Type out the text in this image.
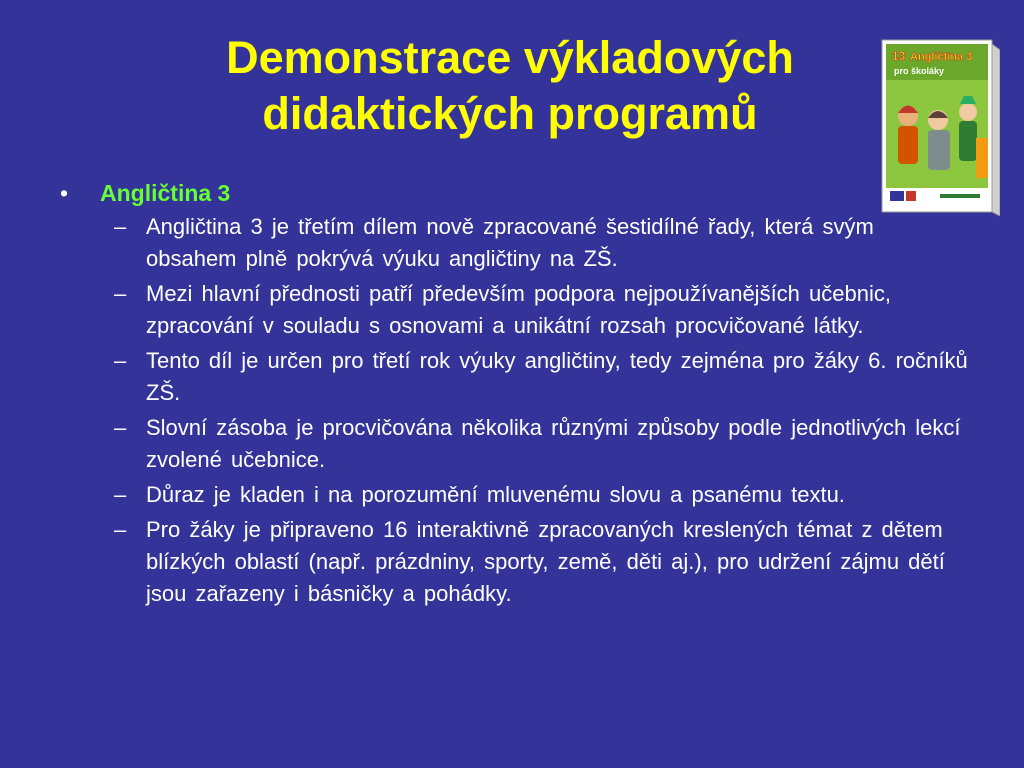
Demonstrace výkladových
didaktických programů
13 Angličtina 3
pro školáky
•	Angličtina 3
– Angličtina 3 je třetím dílem nově zpracované šestidílné řady, která svým obsahem plně pokrývá výuku angličtiny na ZŠ.
– Mezi hlavní přednosti patří především podpora nejpoužívanějších učebnic, zpracování v souladu s osnovami a unikátní rozsah procvičované látky.
– Tento díl je určen pro třetí rok výuky angličtiny, tedy zejména pro žáky 6. ročníků ZŠ.
– Slovní zásoba je procvičována několika různými způsoby podle jednotlivých lekcí zvolené učebnice.
– Důraz je kladen i na porozumění mluvenému slovu a psanému textu.
– Pro žáky je připraveno 16 interaktivně zpracovaných kreslených témat z dětem blízkých oblastí (např. prázdniny, sporty, země, děti aj.), pro udržení zájmu dětí jsou zařazeny i básničky a pohádky.
